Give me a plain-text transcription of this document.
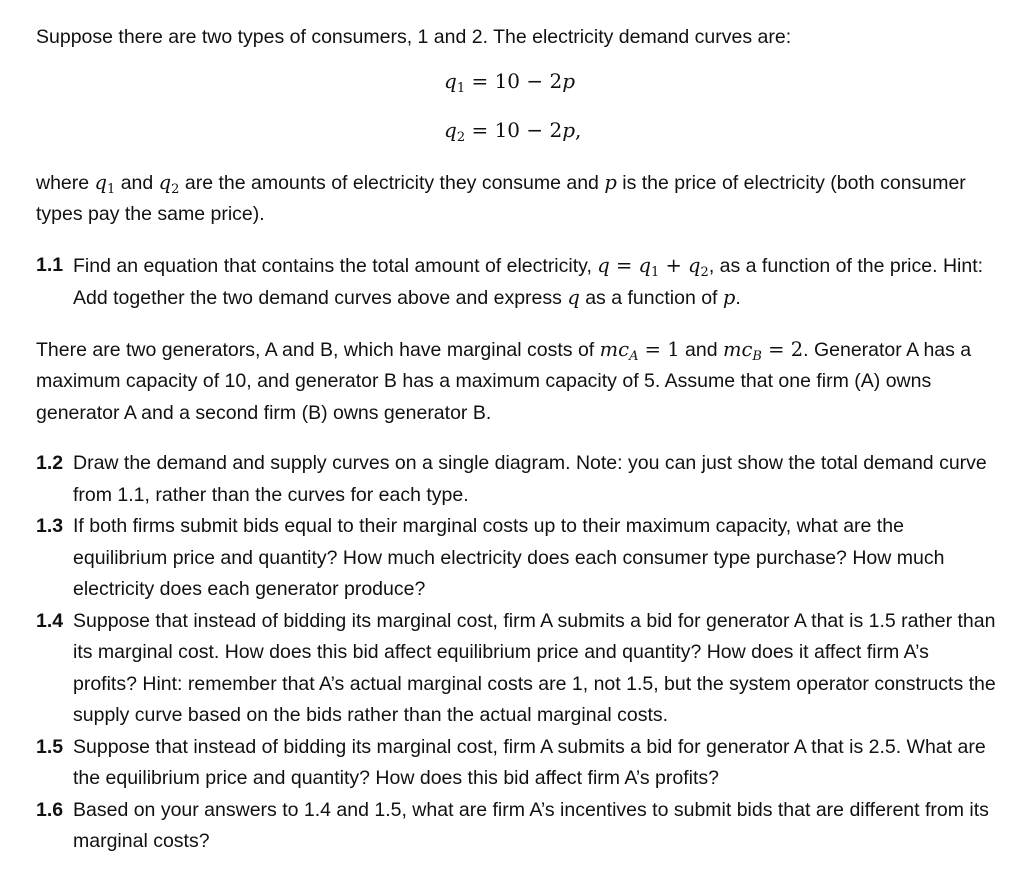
Suppose there are two types of consumers, 1 and 2. The electricity demand curves are:

$q_1 = 10 - 2p$
$q_2 = 10 - 2p$,

where $q_1$ and $q_2$ are the amounts of electricity they consume and p is the price of electricity (both consumer types pay the same price).

1.1 Find an equation that contains the total amount of electricity, $q = q_1 + q_2$, as a function of the price. Hint: Add together the two demand curves above and express q as a function of p.

There are two generators, A and B, which have marginal costs of $mc_A = 1$ and $mc_B = 2$. Generator A has a maximum capacity of 10, and generator B has a maximum capacity of 5. Assume that one firm (A) owns generator A and a second firm (B) owns generator B.

1.2 Draw the demand and supply curves on a single diagram. Note: you can just show the total demand curve from 1.1, rather than the curves for each type.
1.3 If both firms submit bids equal to their marginal costs up to their maximum capacity, what are the equilibrium price and quantity? How much electricity does each consumer type purchase? How much electricity does each generator produce?
1.4 Suppose that instead of bidding its marginal cost, firm A submits a bid for generator A that is 1.5 rather than its marginal cost. How does this bid affect equilibrium price and quantity? How does it affect firm A’s profits? Hint: remember that A’s actual marginal costs are 1, not 1.5, but the system operator constructs the supply curve based on the bids rather than the actual marginal costs.
1.5 Suppose that instead of bidding its marginal cost, firm A submits a bid for generator A that is 2.5. What are the equilibrium price and quantity? How does this bid affect firm A’s profits?
1.6 Based on your answers to 1.4 and 1.5, what are firm A’s incentives to submit bids that are different from its marginal costs?
